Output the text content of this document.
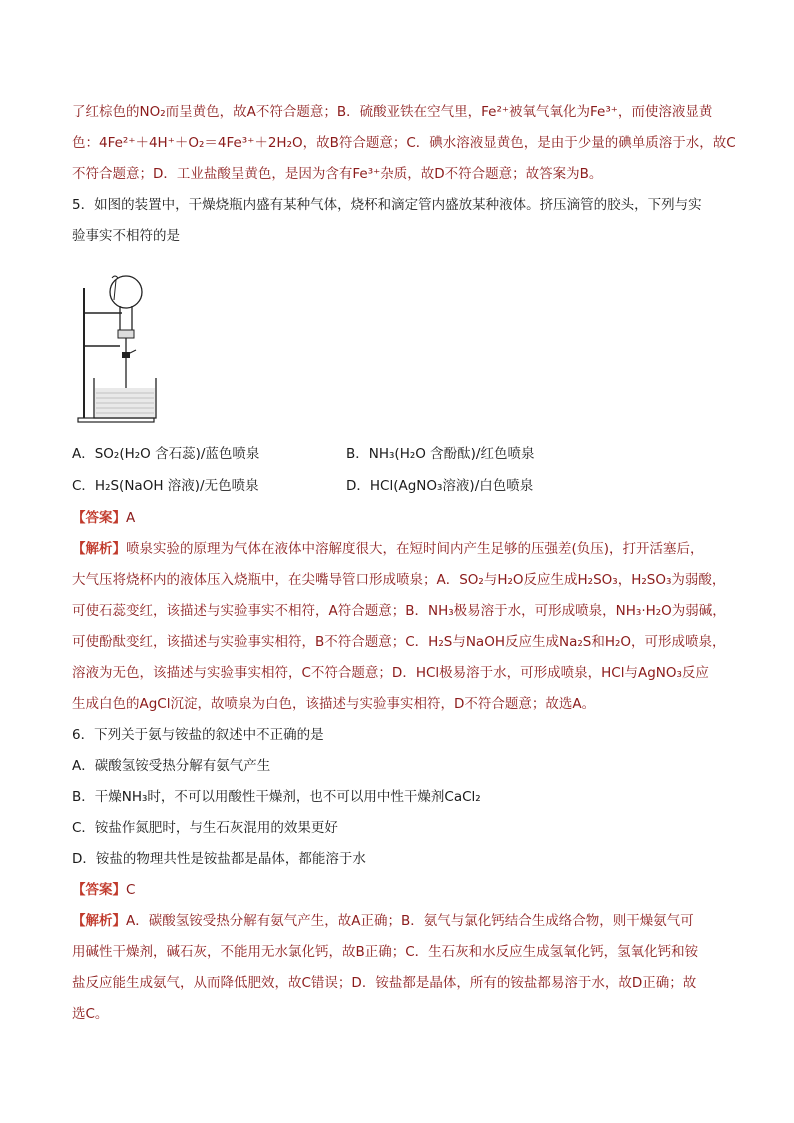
了红棕色的NO₂而呈黄色，故A不符合题意；B．硫酸亚铁在空气里，Fe²⁺被氧气氧化为Fe³⁺，而使溶液显黄
色：4Fe²⁺＋4H⁺＋O₂＝4Fe³⁺＋2H₂O，故B符合题意；C．碘水溶液显黄色，是由于少量的碘单质溶于水，故C
不符合题意；D．工业盐酸呈黄色，是因为含有Fe³⁺杂质，故D不符合题意；故答案为B。
5．如图的装置中，干燥烧瓶内盛有某种气体，烧杯和滴定管内盛放某种液体。挤压滴管的胶头，下列与实
验事实不相符的是
A．SO₂(H₂O 含石蕊)/蓝色喷泉	B．NH₃(H₂O 含酚酞)/红色喷泉
C．H₂S(NaOH 溶液)/无色喷泉	D．HCl(AgNO₃溶液)/白色喷泉
【答案】A
【解析】喷泉实验的原理为气体在液体中溶解度很大，在短时间内产生足够的压强差(负压)，打开活塞后，
大气压将烧杯内的液体压入烧瓶中，在尖嘴导管口形成喷泉；A．SO₂与H₂O反应生成H₂SO₃，H₂SO₃为弱酸，
可使石蕊变红，该描述与实验事实不相符，A符合题意；B．NH₃极易溶于水，可形成喷泉，NH₃·H₂O为弱碱，
可使酚酞变红，该描述与实验事实相符，B不符合题意；C．H₂S与NaOH反应生成Na₂S和H₂O，可形成喷泉，
溶液为无色，该描述与实验事实相符，C不符合题意；D．HCl极易溶于水，可形成喷泉，HCl与AgNO₃反应
生成白色的AgCl沉淀，故喷泉为白色，该描述与实验事实相符，D不符合题意；故选A。
6．下列关于氨与铵盐的叙述中不正确的是
A．碳酸氢铵受热分解有氨气产生
B．干燥NH₃时，不可以用酸性干燥剂，也不可以用中性干燥剂CaCl₂
C．铵盐作氮肥时，与生石灰混用的效果更好
D．铵盐的物理共性是铵盐都是晶体，都能溶于水
【答案】C
【解析】A．碳酸氢铵受热分解有氨气产生，故A正确；B．氨气与氯化钙结合生成络合物，则干燥氨气可
用碱性干燥剂，碱石灰，不能用无水氯化钙，故B正确；C．生石灰和水反应生成氢氧化钙，氢氧化钙和铵
盐反应能生成氨气，从而降低肥效，故C错误；D．铵盐都是晶体，所有的铵盐都易溶于水，故D正确；故
选C。
